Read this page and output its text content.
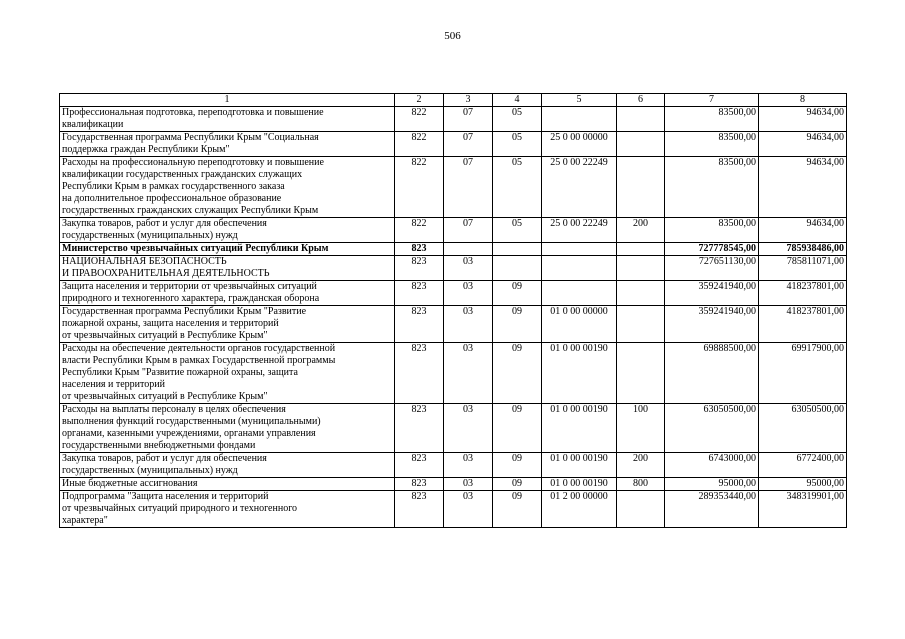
506
1	2	3	4	5	6	7	8
Профессиональная подготовка, переподготовка и повышение
квалификации	822	07	05			83500,00	94634,00
Государственная программа Республики Крым "Социальная
поддержка граждан Республики Крым"	822	07	05	25 0 00 00000		83500,00	94634,00
Расходы на профессиональную переподготовку и повышение
квалификации государственных гражданских служащих
Республики Крым в рамках государственного заказа
на дополнительное профессиональное образование
государственных гражданских служащих Республики Крым	822	07	05	25 0 00 22249		83500,00	94634,00
Закупка товаров, работ и услуг для обеспечения
государственных (муниципальных) нужд	822	07	05	25 0 00 22249	200	83500,00	94634,00
Министерство чрезвычайных ситуаций Республики Крым	823					727778545,00	785938486,00
НАЦИОНАЛЬНАЯ БЕЗОПАСНОСТЬ
И ПРАВООХРАНИТЕЛЬНАЯ ДЕЯТЕЛЬНОСТЬ	823	03				727651130,00	785811071,00
Защита населения и территории от чрезвычайных ситуаций
природного и техногенного характера, гражданская оборона	823	03	09			359241940,00	418237801,00
Государственная программа Республики Крым "Развитие
пожарной охраны, защита населения и территорий
от чрезвычайных ситуаций в Республике Крым"	823	03	09	01 0 00 00000		359241940,00	418237801,00
Расходы на обеспечение деятельности органов государственной
власти Республики Крым в рамках Государственной программы
Республики Крым "Развитие пожарной охраны, защита
населения и территорий
от чрезвычайных ситуаций в Республике Крым"	823	03	09	01 0 00 00190		69888500,00	69917900,00
Расходы на выплаты персоналу в целях обеспечения
выполнения функций государственными (муниципальными)
органами, казенными учреждениями, органами управления
государственными внебюджетными фондами	823	03	09	01 0 00 00190	100	63050500,00	63050500,00
Закупка товаров, работ и услуг для обеспечения
государственных (муниципальных) нужд	823	03	09	01 0 00 00190	200	6743000,00	6772400,00
Иные бюджетные ассигнования	823	03	09	01 0 00 00190	800	95000,00	95000,00
Подпрограмма "Защита населения и территорий
от чрезвычайных ситуаций природного и техногенного
характера"	823	03	09	01 2 00 00000		289353440,00	348319901,00
